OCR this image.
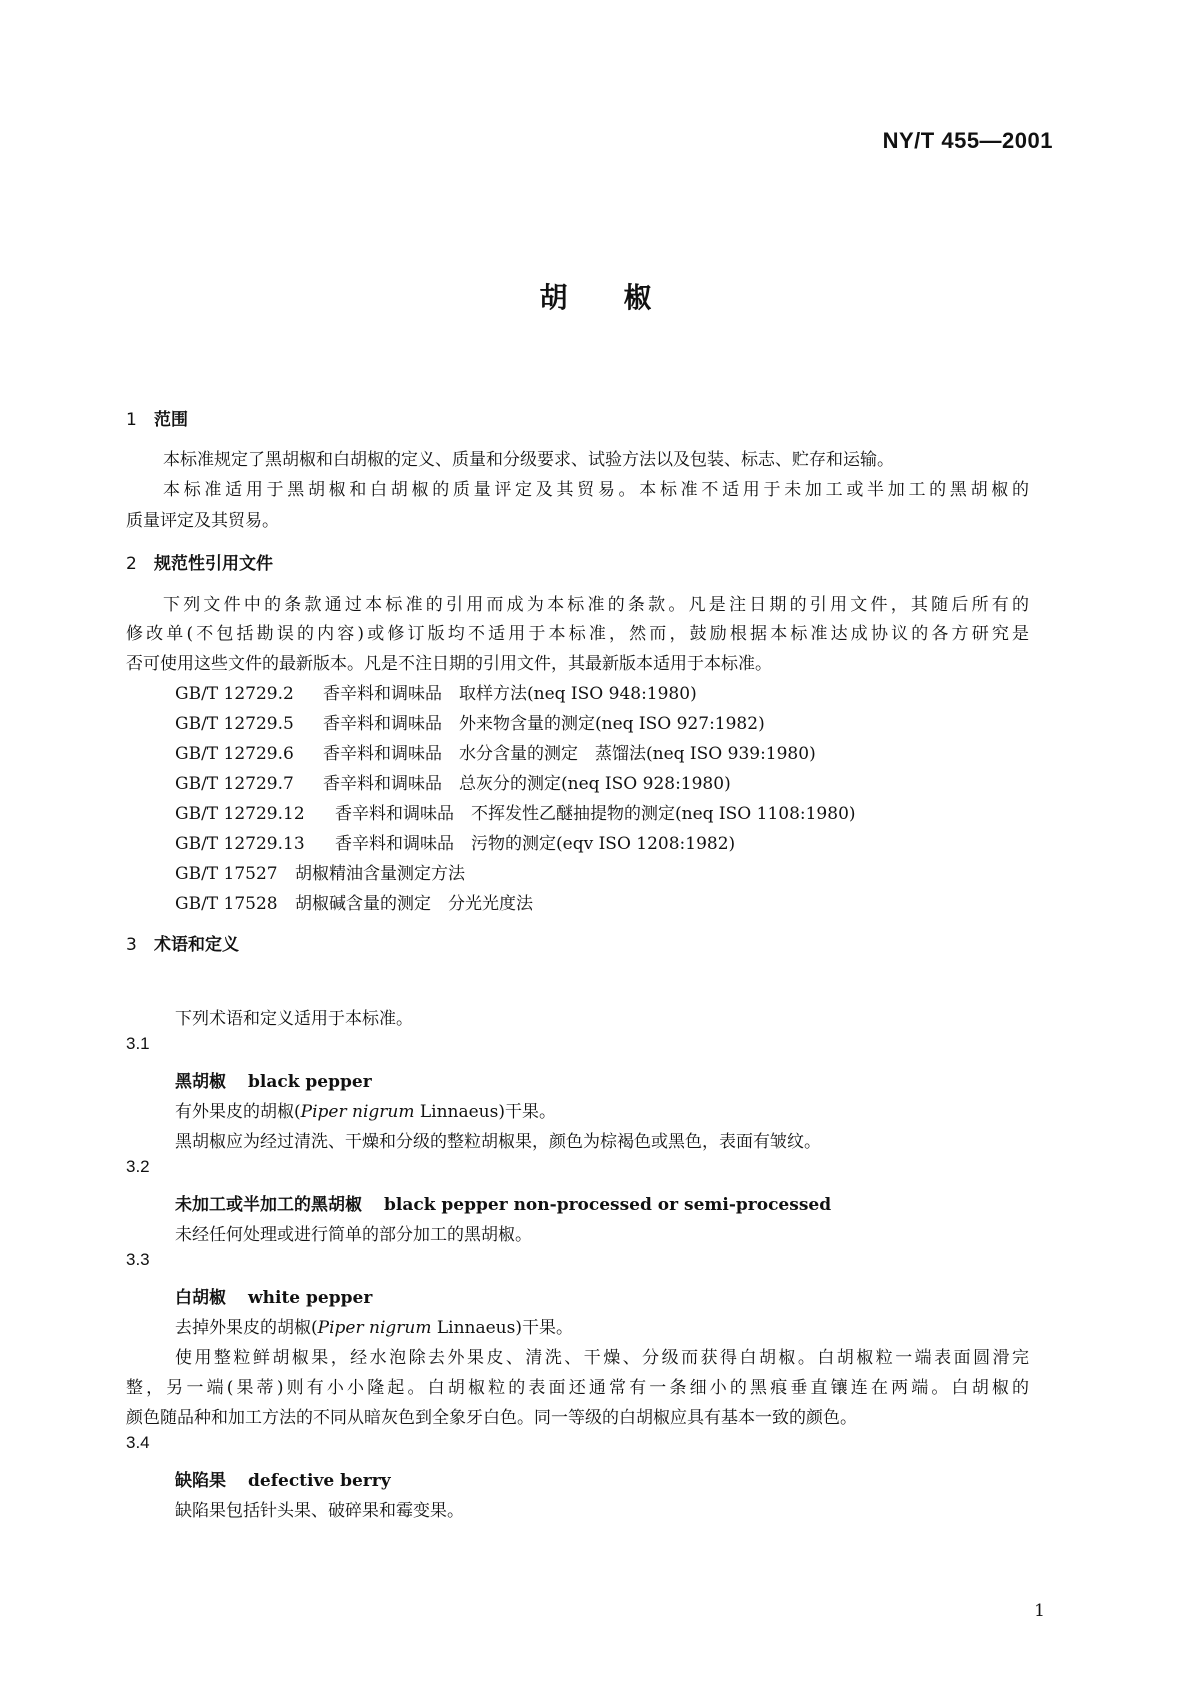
NY/T 455—2001
胡　　椒
1 范围
本标准规定了黑胡椒和白胡椒的定义、质量和分级要求、试验方法以及包装、标志、贮存和运输。
本标准适用于黑胡椒和白胡椒的质量评定及其贸易。本标准不适用于未加工或半加工的黑胡椒的
质量评定及其贸易。
2 规范性引用文件
下列文件中的条款通过本标准的引用而成为本标准的条款。凡是注日期的引用文件，其随后所有的
修改单(不包括勘误的内容)或修订版均不适用于本标准，然而，鼓励根据本标准达成协议的各方研究是
否可使用这些文件的最新版本。凡是不注日期的引用文件，其最新版本适用于本标准。
GB/T 12729.2 香辛料和调味品　取样方法(neq ISO 948:1980)
GB/T 12729.5 香辛料和调味品　外来物含量的测定(neq ISO 927:1982)
GB/T 12729.6 香辛料和调味品　水分含量的测定　蒸馏法(neq ISO 939:1980)
GB/T 12729.7 香辛料和调味品　总灰分的测定(neq ISO 928:1980)
GB/T 12729.12 香辛料和调味品　不挥发性乙醚抽提物的测定(neq ISO 1108:1980)
GB/T 12729.13 香辛料和调味品　污物的测定(eqv ISO 1208:1982)
GB/T 17527 胡椒精油含量测定方法
GB/T 17528 胡椒碱含量的测定　分光光度法
3 术语和定义
下列术语和定义适用于本标准。
3.1
黑胡椒 black pepper
有外果皮的胡椒(Piper nigrum Linnaeus)干果。
黑胡椒应为经过清洗、干燥和分级的整粒胡椒果，颜色为棕褐色或黑色，表面有皱纹。
3.2
未加工或半加工的黑胡椒 black pepper non-processed or semi-processed
未经任何处理或进行简单的部分加工的黑胡椒。
3.3
白胡椒 white pepper
去掉外果皮的胡椒(Piper nigrum Linnaeus)干果。
使用整粒鲜胡椒果，经水泡除去外果皮、清洗、干燥、分级而获得白胡椒。白胡椒粒一端表面圆滑完
整，另一端(果蒂)则有小小隆起。白胡椒粒的表面还通常有一条细小的黑痕垂直镶连在两端。白胡椒的
颜色随品种和加工方法的不同从暗灰色到全象牙白色。同一等级的白胡椒应具有基本一致的颜色。
3.4
缺陷果 defective berry
缺陷果包括针头果、破碎果和霉变果。
1
